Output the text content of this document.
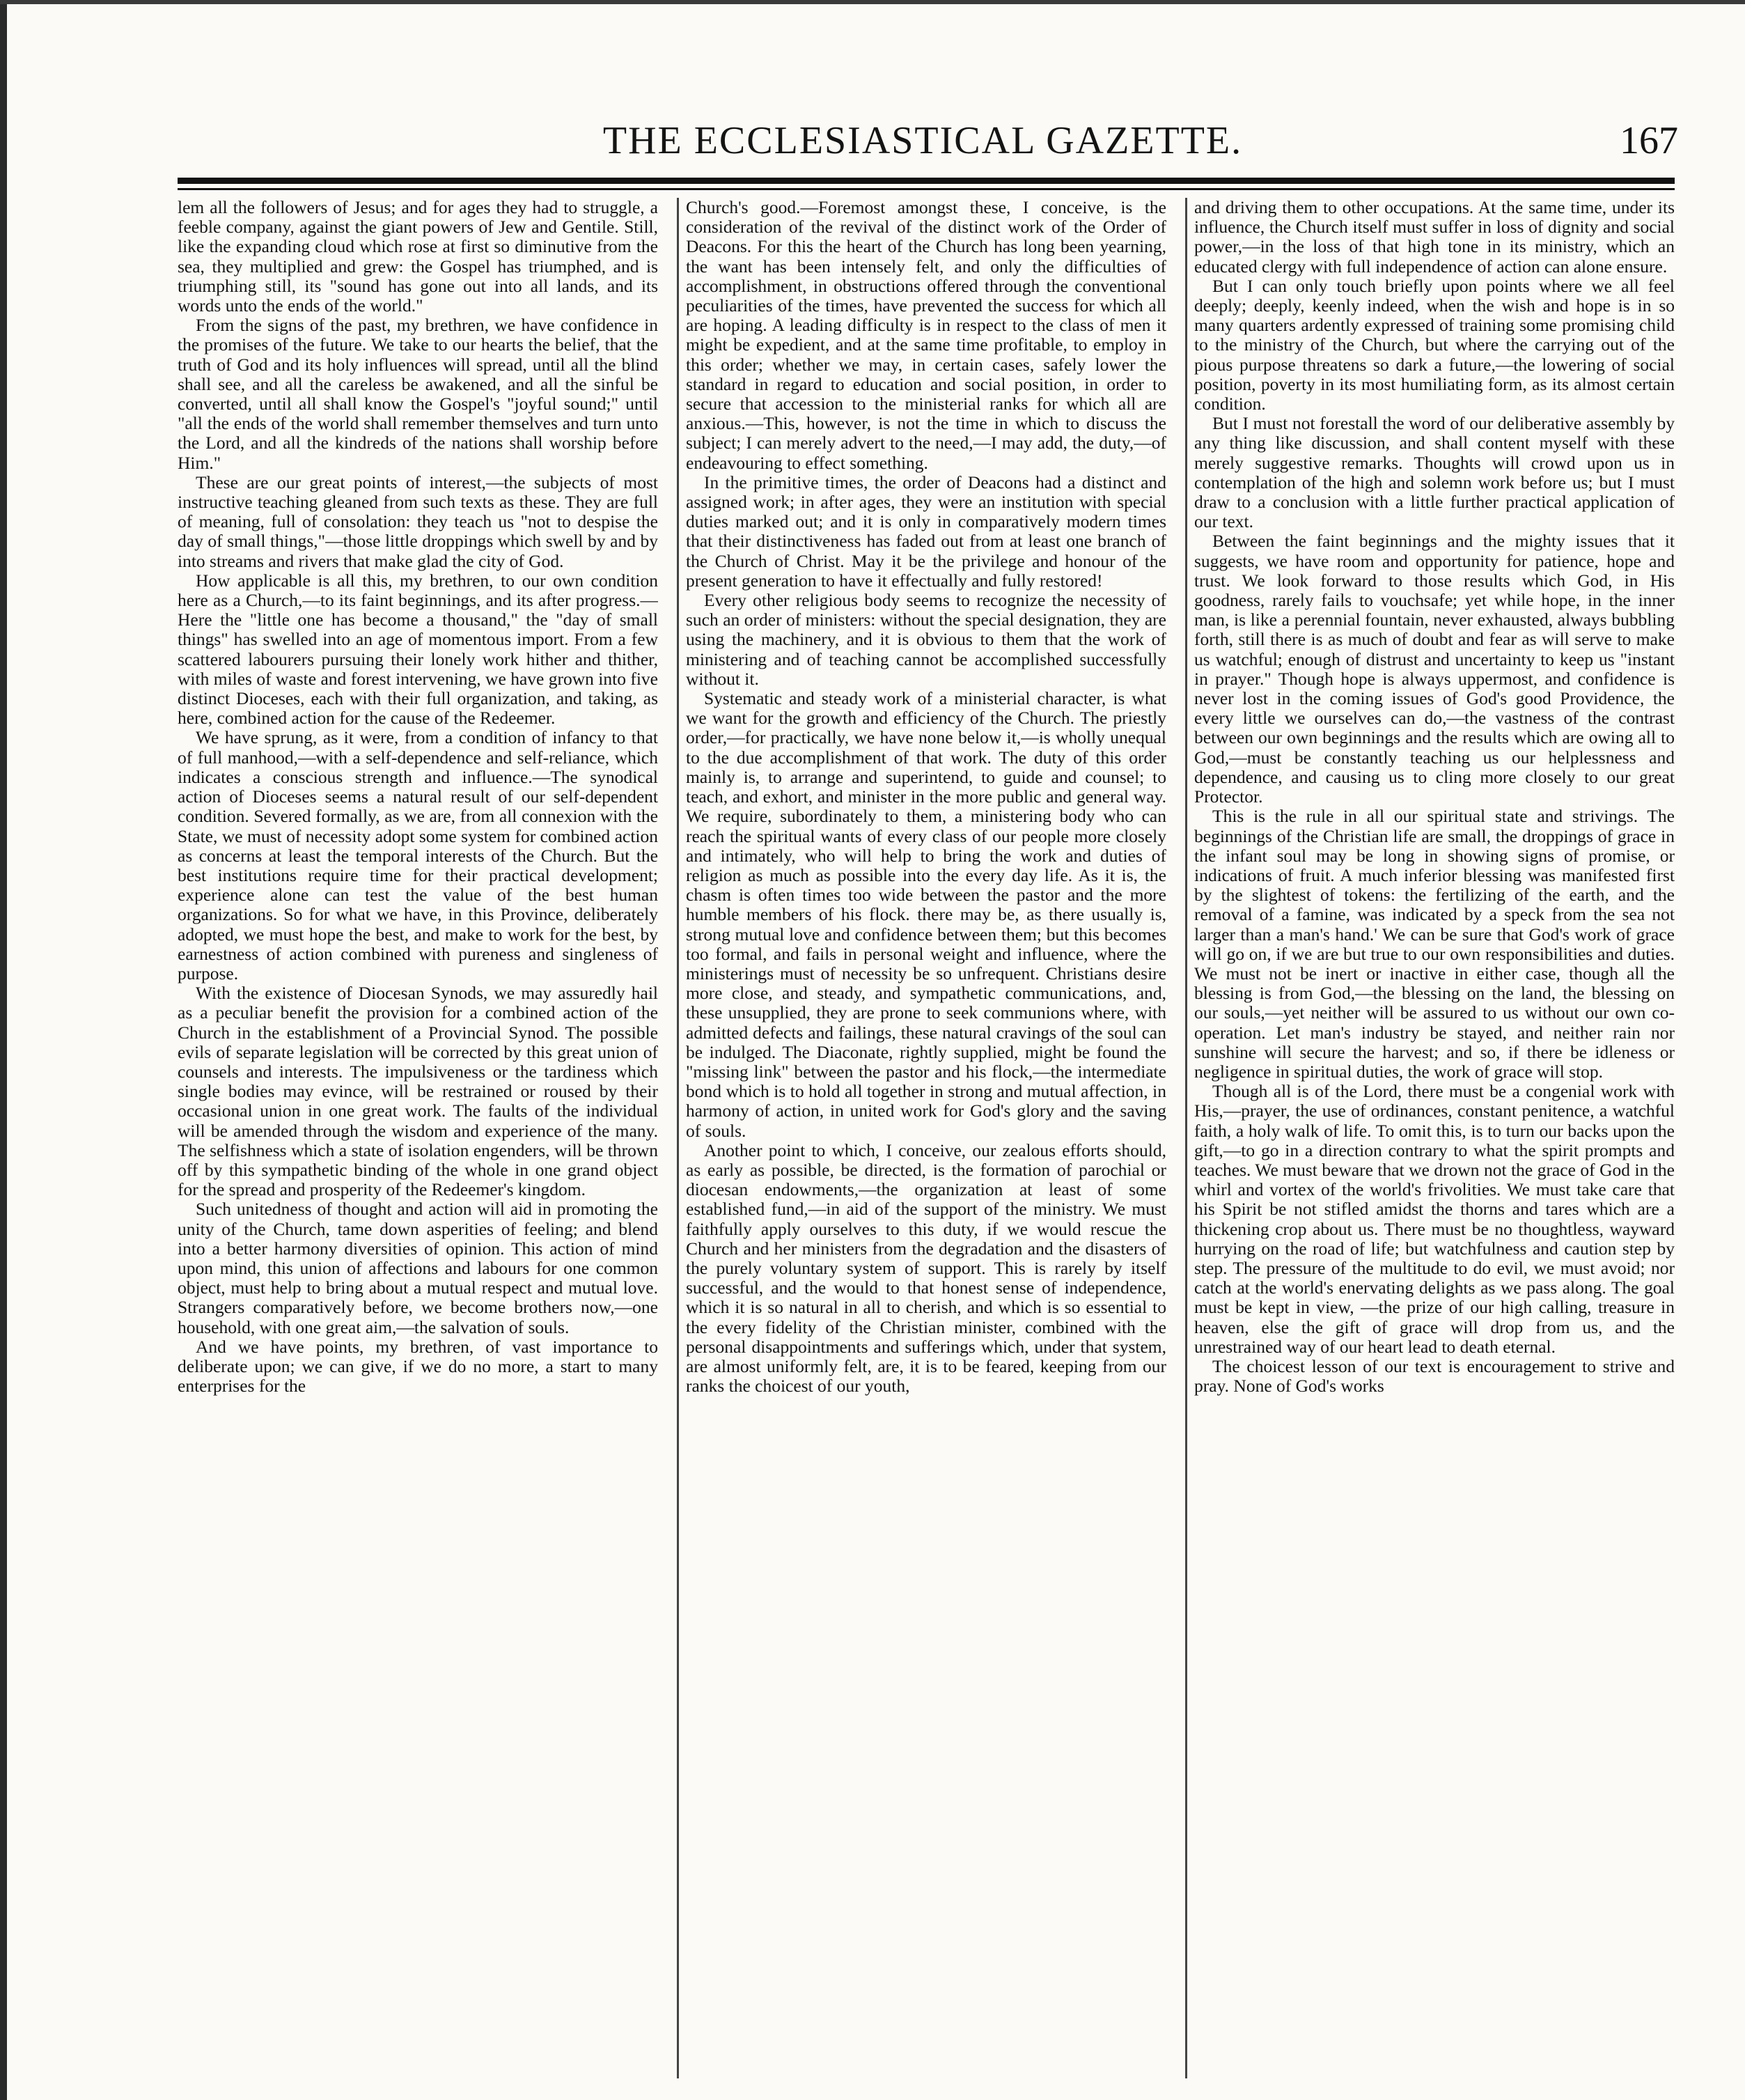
THE ECCLESIASTICAL GAZETTE.	167

lem all the followers of Jesus; and for ages they had to struggle, a feeble company, against the giant powers of Jew and Gentile. Still, like the expanding cloud which rose at first so diminutive from the sea, they multiplied and grew: the Gospel has triumphed, and is triumphing still, its "sound has gone out into all lands, and its words unto the ends of the world."

From the signs of the past, my brethren, we have confidence in the promises of the future. We take to our hearts the belief, that the truth of God and its holy influences will spread, until all the blind shall see, and all the careless be awakened, and all the sinful be converted, until all shall know the Gospel's "joyful sound;" until "all the ends of the world shall remember themselves and turn unto the Lord, and all the kindreds of the nations shall worship before Him."

These are our great points of interest,—the subjects of most instructive teaching gleaned from such texts as these. They are full of meaning, full of consolation: they teach us "not to despise the day of small things,"—those little droppings which swell by and by into streams and rivers that make glad the city of God.

How applicable is all this, my brethren, to our own condition here as a Church,—to its faint beginnings, and its after progress.—Here the "little one has become a thousand," the "day of small things" has swelled into an age of momentous import. From a few scattered labourers pursuing their lonely work hither and thither, with miles of waste and forest intervening, we have grown into five distinct Dioceses, each with their full organization, and taking, as here, combined action for the cause of the Redeemer.

We have sprung, as it were, from a condition of infancy to that of full manhood,—with a self-dependence and self-reliance, which indicates a conscious strength and influence.—The synodical action of Dioceses seems a natural result of our self-dependent condition. Severed formally, as we are, from all connexion with the State, we must of necessity adopt some system for combined action as concerns at least the temporal interests of the Church. But the best institutions require time for their practical development; experience alone can test the value of the best human organizations. So for what we have, in this Province, deliberately adopted, we must hope the best, and make to work for the best, by earnestness of action combined with pureness and singleness of purpose.

With the existence of Diocesan Synods, we may assuredly hail as a peculiar benefit the provision for a combined action of the Church in the establishment of a Provincial Synod. The possible evils of separate legislation will be corrected by this great union of counsels and interests. The impulsiveness or the tardiness which single bodies may evince, will be restrained or roused by their occasional union in one great work. The faults of the individual will be amended through the wisdom and experience of the many. The selfishness which a state of isolation engenders, will be thrown off by this sympathetic binding of the whole in one grand object for the spread and prosperity of the Redeemer's kingdom.

Such unitedness of thought and action will aid in promoting the unity of the Church, tame down asperities of feeling; and blend into a better harmony diversities of opinion. This action of mind upon mind, this union of affections and labours for one common object, must help to bring about a mutual respect and mutual love. Strangers comparatively before, we become brothers now,—one household, with one great aim,—the salvation of souls.

And we have points, my brethren, of vast importance to deliberate upon; we can give, if we do no more, a start to many enterprises for the

Church's good.—Foremost amongst these, I conceive, is the consideration of the revival of the distinct work of the Order of Deacons. For this the heart of the Church has long been yearning, the want has been intensely felt, and only the difficulties of accomplishment, in obstructions offered through the conventional peculiarities of the times, have prevented the success for which all are hoping. A leading difficulty is in respect to the class of men it might be expedient, and at the same time profitable, to employ in this order; whether we may, in certain cases, safely lower the standard in regard to education and social position, in order to secure that accession to the ministerial ranks for which all are anxious.—This, however, is not the time in which to discuss the subject; I can merely advert to the need,—I may add, the duty,—of endeavouring to effect something.

In the primitive times, the order of Deacons had a distinct and assigned work; in after ages, they were an institution with special duties marked out; and it is only in comparatively modern times that their distinctiveness has faded out from at least one branch of the Church of Christ. May it be the privilege and honour of the present generation to have it effectually and fully restored!

Every other religious body seems to recognize the necessity of such an order of ministers: without the special designation, they are using the machinery, and it is obvious to them that the work of ministering and of teaching cannot be accomplished successfully without it.

Systematic and steady work of a ministerial character, is what we want for the growth and efficiency of the Church. The priestly order,—for practically, we have none below it,—is wholly unequal to the due accomplishment of that work. The duty of this order mainly is, to arrange and superintend, to guide and counsel; to teach, and exhort, and minister in the more public and general way. We require, subordinately to them, a ministering body who can reach the spiritual wants of every class of our people more closely and intimately, who will help to bring the work and duties of religion as much as possible into the every day life. As it is, the chasm is often times too wide between the pastor and the more humble members of his flock. there may be, as there usually is, strong mutual love and confidence between them; but this becomes too formal, and fails in personal weight and influence, where the ministerings must of necessity be so unfrequent. Christians desire more close, and steady, and sympathetic communications, and, these unsupplied, they are prone to seek communions where, with admitted defects and failings, these natural cravings of the soul can be indulged. The Diaconate, rightly supplied, might be found the "missing link" between the pastor and his flock,—the intermediate bond which is to hold all together in strong and mutual affection, in harmony of action, in united work for God's glory and the saving of souls.

Another point to which, I conceive, our zealous efforts should, as early as possible, be directed, is the formation of parochial or diocesan endowments,—the organization at least of some established fund,—in aid of the support of the ministry. We must faithfully apply ourselves to this duty, if we would rescue the Church and her ministers from the degradation and the disasters of the purely voluntary system of support. This is rarely by itself successful, and the would to that honest sense of independence, which it is so natural in all to cherish, and which is so essential to the every fidelity of the Christian minister, combined with the personal disappointments and sufferings which, under that system, are almost uniformly felt, are, it is to be feared, keeping from our ranks the choicest of our youth,

and driving them to other occupations. At the same time, under its influence, the Church itself must suffer in loss of dignity and social power,—in the loss of that high tone in its ministry, which an educated clergy with full independence of action can alone ensure.

But I can only touch briefly upon points where we all feel deeply; deeply, keenly indeed, when the wish and hope is in so many quarters ardently expressed of training some promising child to the ministry of the Church, but where the carrying out of the pious purpose threatens so dark a future,—the lowering of social position, poverty in its most humiliating form, as its almost certain condition.

But I must not forestall the word of our deliberative assembly by any thing like discussion, and shall content myself with these merely suggestive remarks. Thoughts will crowd upon us in contemplation of the high and solemn work before us; but I must draw to a conclusion with a little further practical application of our text.

Between the faint beginnings and the mighty issues that it suggests, we have room and opportunity for patience, hope and trust. We look forward to those results which God, in His goodness, rarely fails to vouchsafe; yet while hope, in the inner man, is like a perennial fountain, never exhausted, always bubbling forth, still there is as much of doubt and fear as will serve to make us watchful; enough of distrust and uncertainty to keep us "instant in prayer." Though hope is always uppermost, and confidence is never lost in the coming issues of God's good Providence, the every little we ourselves can do,—the vastness of the contrast between our own beginnings and the results which are owing all to God,—must be constantly teaching us our helplessness and dependence, and causing us to cling more closely to our great Protector.

This is the rule in all our spiritual state and strivings. The beginnings of the Christian life are small, the droppings of grace in the infant soul may be long in showing signs of promise, or indications of fruit. A much inferior blessing was manifested first by the slightest of tokens: the fertilizing of the earth, and the removal of a famine, was indicated by a speck from the sea not larger than a man's hand.' We can be sure that God's work of grace will go on, if we are but true to our own responsibilities and duties. We must not be inert or inactive in either case, though all the blessing is from God,—the blessing on the land, the blessing on our souls,—yet neither will be assured to us without our own co-operation. Let man's industry be stayed, and neither rain nor sunshine will secure the harvest; and so, if there be idleness or negligence in spiritual duties, the work of grace will stop.

Though all is of the Lord, there must be a congenial work with His,—prayer, the use of ordinances, constant penitence, a watchful faith, a holy walk of life. To omit this, is to turn our backs upon the gift,—to go in a direction contrary to what the spirit prompts and teaches. We must beware that we drown not the grace of God in the whirl and vortex of the world's frivolities. We must take care that his Spirit be not stifled amidst the thorns and tares which are a thickening crop about us. There must be no thoughtless, wayward hurrying on the road of life; but watchfulness and caution step by step. The pressure of the multitude to do evil, we must avoid; nor catch at the world's enervating delights as we pass along. The goal must be kept in view, —the prize of our high calling, treasure in heaven, else the gift of grace will drop from us, and the unrestrained way of our heart lead to death eternal.

The choicest lesson of our text is encouragement to strive and pray. None of God's works
